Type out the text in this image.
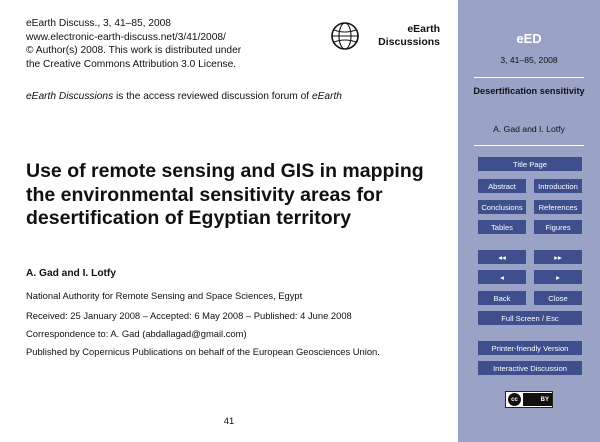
eEarth Discuss., 3, 41–85, 2008
www.electronic-earth-discuss.net/3/41/2008/
© Author(s) 2008. This work is distributed under
the Creative Commons Attribution 3.0 License.
eEarth
Discussions
eEarth Discussions is the access reviewed discussion forum of eEarth
Use of remote sensing and GIS in mapping the environmental sensitivity areas for desertification of Egyptian territory
A. Gad and I. Lotfy
National Authority for Remote Sensing and Space Sciences, Egypt
Received: 25 January 2008 – Accepted: 6 May 2008 – Published: 4 June 2008
Correspondence to: A. Gad (abdallagad@gmail.com)
Published by Copernicus Publications on behalf of the European Geosciences Union.
41
eED
3, 41–85, 2008
Desertification sensitivity
A. Gad and I. Lotfy
Title Page
Abstract	Introduction
Conclusions	References
Tables	Figures
◂◂	▸▸
◂	▸
Back	Close
Full Screen / Esc
Printer-friendly Version
Interactive Discussion
cc	BY
